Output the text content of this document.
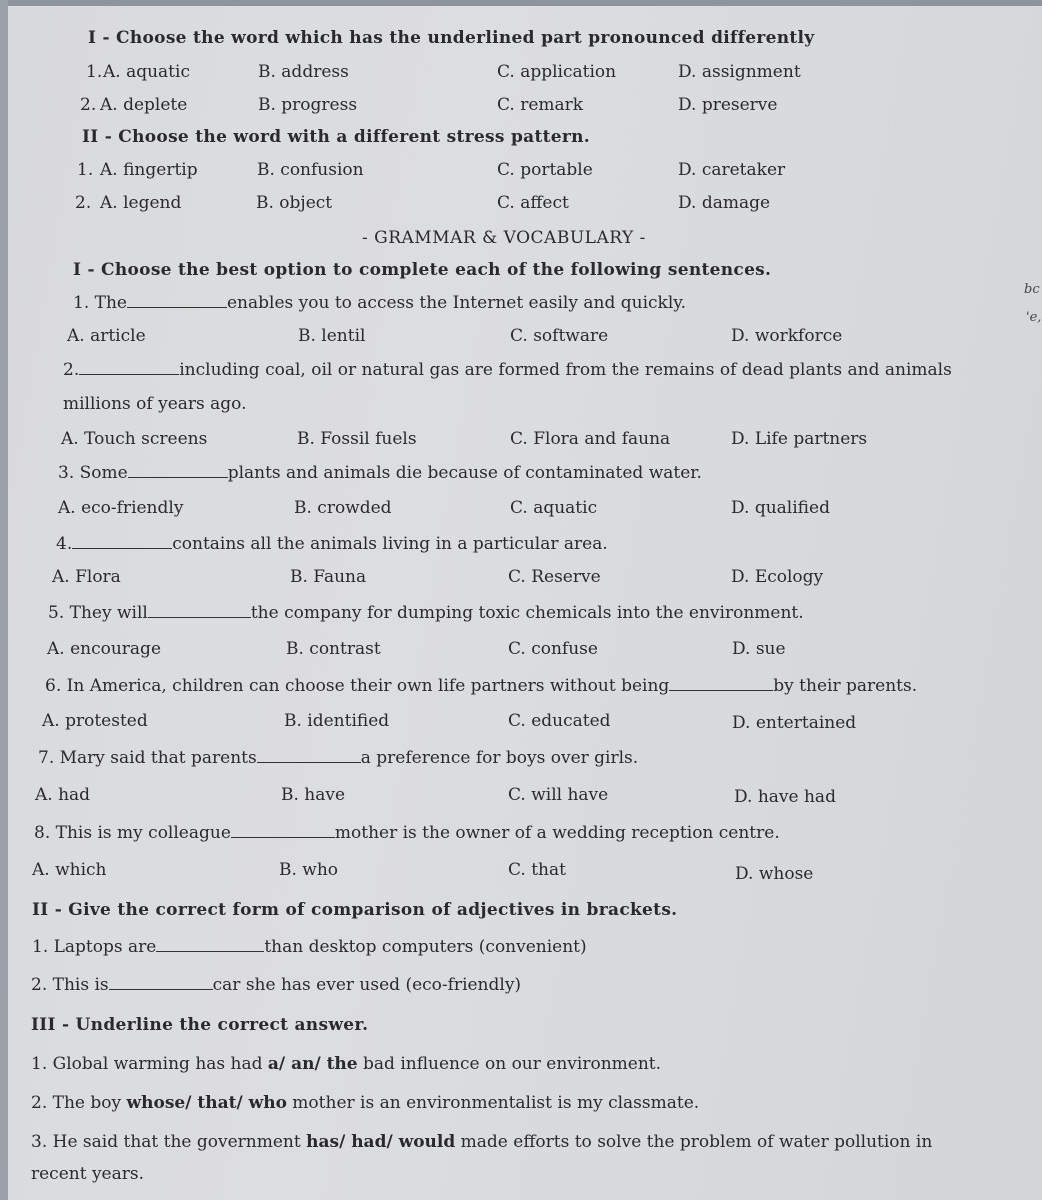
I - Choose the word which has the underlined part pronounced differently
1. A. aquatic	B. address	C. application	D. assignment
2. A. deplete	B. progress	C. remark	D. preserve
II - Choose the word with a different stress pattern.
1. A. fingertip	B. confusion	C. portable	D. caretaker
2. A. legend	B. object	C. affect	D. damage
- GRAMMAR & VOCABULARY -
I - Choose the best option to complete each of the following sentences.
1. The	enables you to access the Internet easily and quickly.
A. article	B. lentil	C. software	D. workforce
2.	including coal, oil or natural gas are formed from the remains of dead plants and animals
millions of years ago.
A. Touch screens	B. Fossil fuels	C. Flora and fauna	D. Life partners
3. Some	plants and animals die because of contaminated water.
A. eco-friendly	B. crowded	C. aquatic	D. qualified
4.	contains all the animals living in a particular area.
A. Flora	B. Fauna	C. Reserve	D. Ecology
5. They will	the company for dumping toxic chemicals into the environment.
A. encourage	B. contrast	C. confuse	D. sue
6. In America, children can choose their own life partners without being	by their parents.
A. protested	B. identified	C. educated	D. entertained
7. Mary said that parents	a preference for boys over girls.
A. had	B. have	C. will have	D. have had
8. This is my colleague	mother is the owner of a wedding reception centre.
A. which	B. who	C. that	D. whose
II - Give the correct form of comparison of adjectives in brackets.
1. Laptops are	than desktop computers (convenient)
2. This is	car she has ever used (eco-friendly)
III - Underline the correct answer.
1. Global warming has had a/ an/ the bad influence on our environment.
2. The boy whose/ that/ who mother is an environmentalist is my classmate.
3. He said that the government has/ had/ would made efforts to solve the problem of water pollution in
recent years.
bc
'e,
